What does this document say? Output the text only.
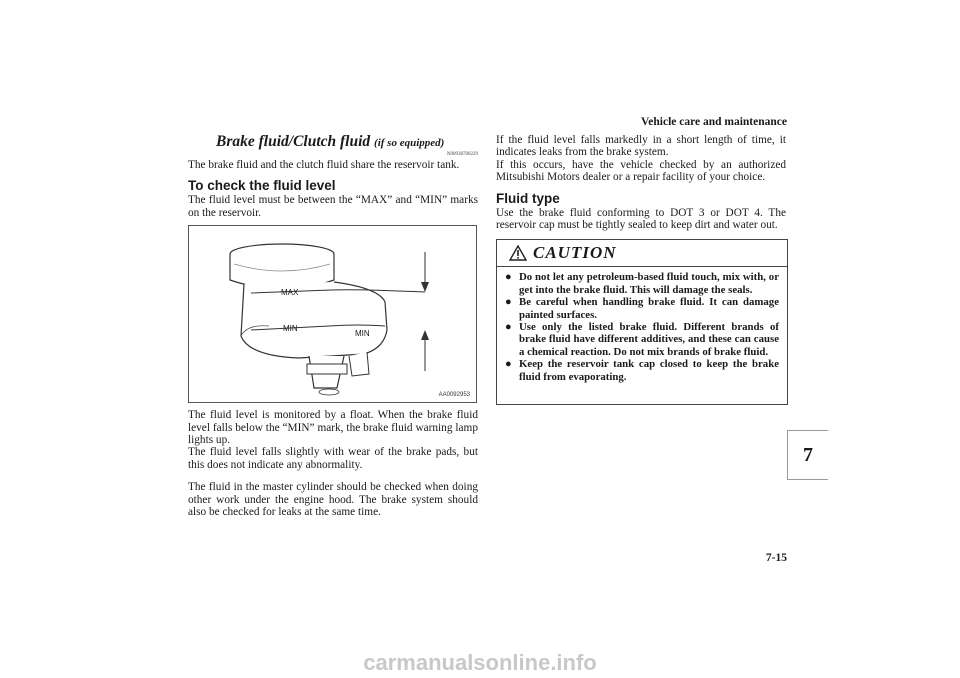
Vehicle care and maintenance
Brake fluid/Clutch fluid (if so equipped)
N00938700229

The brake fluid and the clutch fluid share the reservoir tank.

To check the fluid level

The fluid level must be between the “MAX” and “MIN” marks on the reservoir.

MAX
MIN
MIN
AA0092953

The fluid level is monitored by a float. When the brake fluid level falls below the “MIN” mark, the brake fluid warning lamp lights up.

The fluid level falls slightly with wear of the brake pads, but this does not indicate any abnormality.

The fluid in the master cylinder should be checked when doing other work under the engine hood. The brake system should also be checked for leaks at the same time.

If the fluid level falls markedly in a short length of time, it indicates leaks from the brake system.

If this occurs, have the vehicle checked by an authorized Mitsubishi Motors dealer or a repair facility of your choice.

Fluid type

Use the brake fluid conforming to DOT 3 or DOT 4. The reservoir cap must be tightly sealed to keep dirt and water out.

CAUTION
● Do not let any petroleum-based fluid touch, mix with, or get into the brake fluid. This will damage the seals.
● Be careful when handling brake fluid. It can damage painted surfaces.
● Use only the listed brake fluid. Different brands of brake fluid have different additives, and these can cause a chemical reaction. Do not mix brands of brake fluid.
● Keep the reservoir tank cap closed to keep the brake fluid from evaporating.
7
7-15
carmanualsonline.info
